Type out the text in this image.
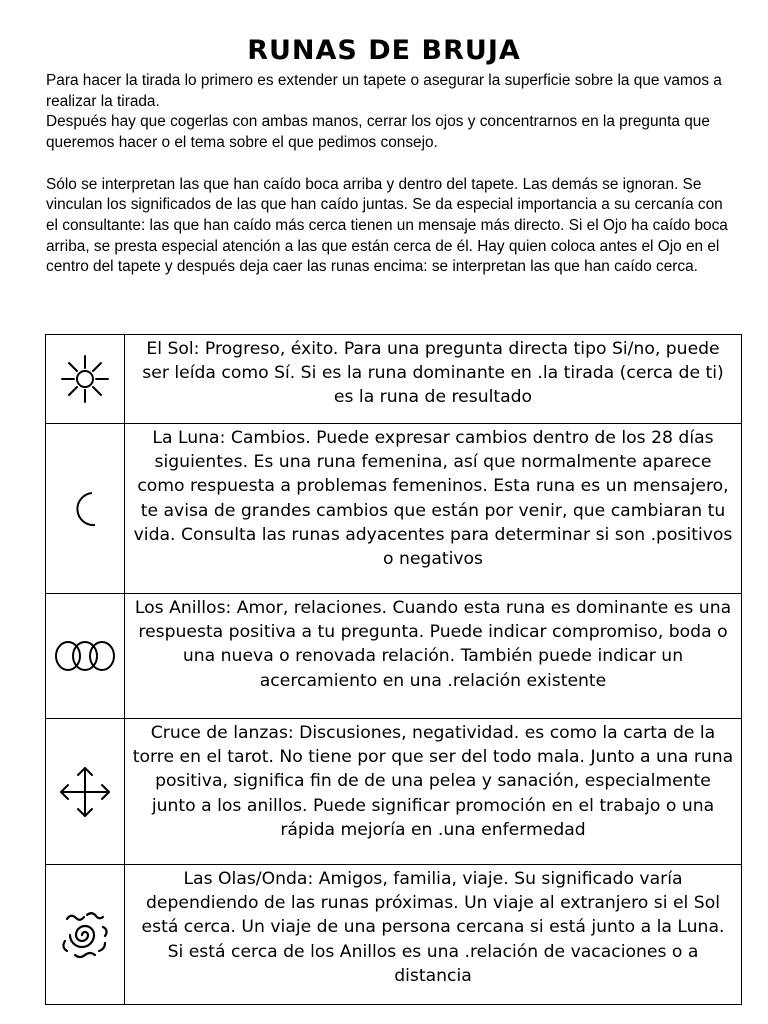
RUNAS DE BRUJA

Para hacer la tirada lo primero es extender un tapete o asegurar la superficie sobre la que vamos a realizar la tirada.

Después hay que cogerlas con ambas manos, cerrar los ojos y concentrarnos en la pregunta que queremos hacer o el tema sobre el que pedimos consejo.

Sólo se interpretan las que han caído boca arriba y dentro del tapete. Las demás se ignoran. Se vinculan los significados de las que han caído juntas. Se da especial importancia a su cercanía con el consultante: las que han caído más cerca tienen un mensaje más directo. Si el Ojo ha caído boca arriba, se presta especial atención a las que están cerca de él. Hay quien coloca antes el Ojo en el centro del tapete y después deja caer las runas encima: se interpretan las que han caído cerca.

	El Sol: Progreso, éxito. Para una pregunta directa tipo Si/no, puede ser leída como Sí. Si es la runa dominante en .la tirada (cerca de ti) es la runa de resultado

	La Luna: Cambios. Puede expresar cambios dentro de los 28 días siguientes. Es una runa femenina, así que normalmente aparece como respuesta a problemas femeninos. Esta runa es un mensajero, te avisa de grandes cambios que están por venir, que cambiaran tu vida. Consulta las runas adyacentes para determinar si son .positivos o negativos

	Los Anillos: Amor, relaciones. Cuando esta runa es dominante es una respuesta positiva a tu pregunta. Puede indicar compromiso, boda o una nueva o renovada relación. También puede indicar un acercamiento en una .relación existente

	Cruce de lanzas: Discusiones, negatividad. es como la carta de la torre en el tarot. No tiene por que ser del todo mala. Junto a una runa positiva, significa fin de de una pelea y sanación, especialmente junto a los anillos. Puede significar promoción en el trabajo o una rápida mejoría en .una enfermedad

	Las Olas/Onda: Amigos, familia, viaje. Su significado varía dependiendo de las runas próximas. Un viaje al extranjero si el Sol está cerca. Un viaje de una persona cercana si está junto a la Luna. Si está cerca de los Anillos es una .relación de vacaciones o a distancia
